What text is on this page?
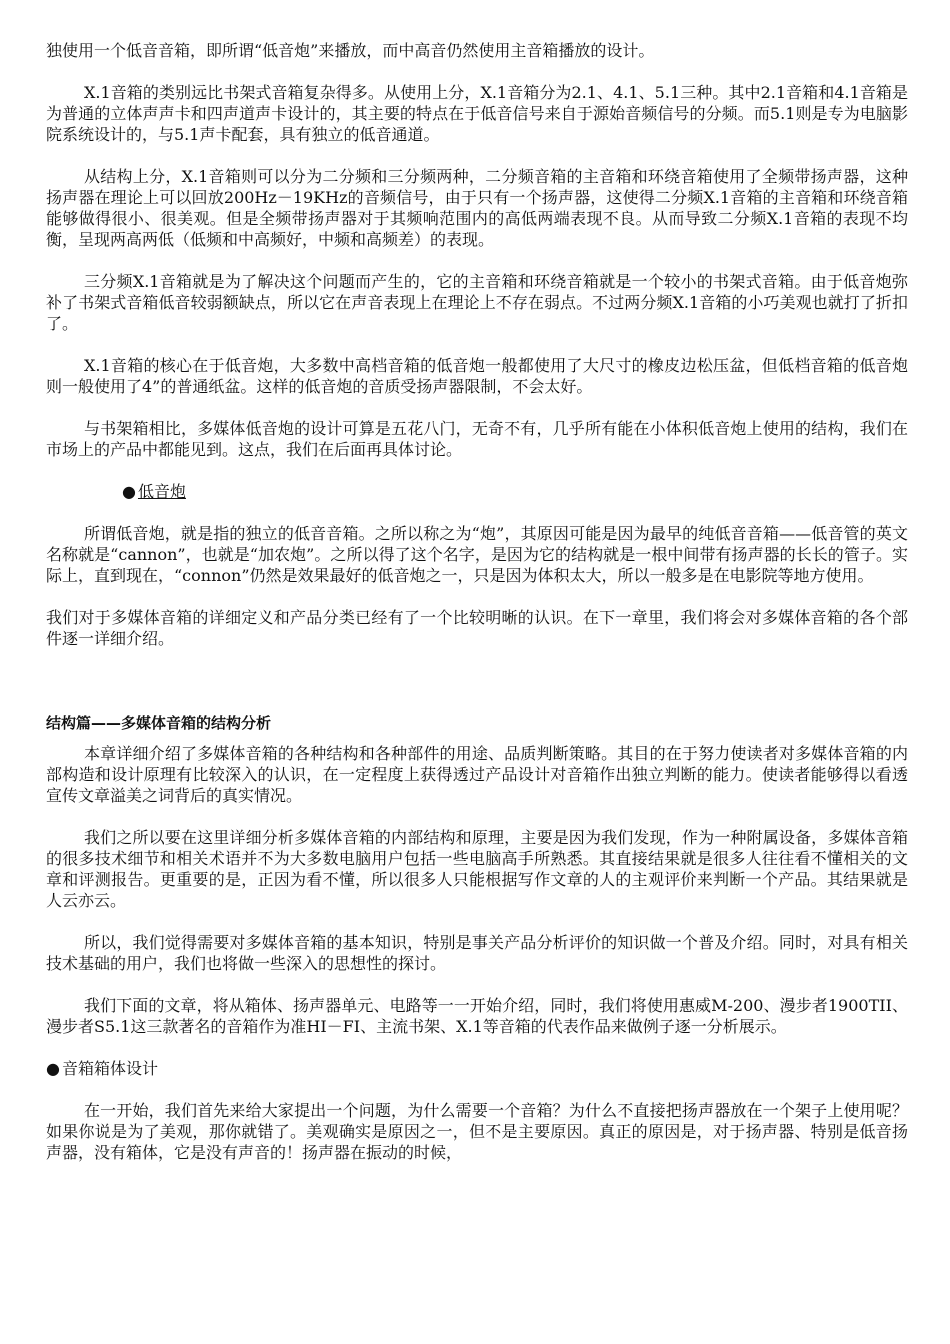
独使用一个低音音箱，即所谓“低音炮”来播放，而中高音仍然使用主音箱播放的设计。

X.1音箱的类别远比书架式音箱复杂得多。从使用上分，X.1音箱分为2.1、4.1、5.1三种。其中2.1音箱和4.1音箱是为普通的立体声声卡和四声道声卡设计的，其主要的特点在于低音信号来自于源始音频信号的分频。而5.1则是专为电脑影院系统设计的，与5.1声卡配套，具有独立的低音通道。

从结构上分，X.1音箱则可以分为二分频和三分频两种，二分频音箱的主音箱和环绕音箱使用了全频带扬声器，这种扬声器在理论上可以回放200Hz－19KHz的音频信号，由于只有一个扬声器，这使得二分频X.1音箱的主音箱和环绕音箱能够做得很小、很美观。但是全频带扬声器对于其频响范围内的高低两端表现不良。从而导致二分频X.1音箱的表现不均衡，呈现两高两低（低频和中高频好，中频和高频差）的表现。

三分频X.1音箱就是为了解决这个问题而产生的，它的主音箱和环绕音箱就是一个较小的书架式音箱。由于低音炮弥补了书架式音箱低音较弱额缺点，所以它在声音表现上在理论上不存在弱点。不过两分频X.1音箱的小巧美观也就打了折扣了。

X.1音箱的核心在于低音炮，大多数中高档音箱的低音炮一般都使用了大尺寸的橡皮边松压盆，但低档音箱的低音炮则一般使用了4”的普通纸盆。这样的低音炮的音质受扬声器限制，不会太好。

与书架箱相比，多媒体低音炮的设计可算是五花八门，无奇不有，几乎所有能在小体积低音炮上使用的结构，我们在市场上的产品中都能见到。这点，我们在后面再具体讨论。

● 低音炮

所谓低音炮，就是指的独立的低音音箱。之所以称之为“炮”，其原因可能是因为最早的纯低音音箱——低音管的英文名称就是“cannon”，也就是“加农炮”。之所以得了这个名字，是因为它的结构就是一根中间带有扬声器的长长的管子。实际上，直到现在，“connon”仍然是效果最好的低音炮之一，只是因为体积太大，所以一般多是在电影院等地方使用。

我们对于多媒体音箱的详细定义和产品分类已经有了一个比较明晰的认识。在下一章里，我们将会对多媒体音箱的各个部件逐一详细介绍。

结构篇——多媒体音箱的结构分析

本章详细介绍了多媒体音箱的各种结构和各种部件的用途、品质判断策略。其目的在于努力使读者对多媒体音箱的内部构造和设计原理有比较深入的认识，在一定程度上获得透过产品设计对音箱作出独立判断的能力。使读者能够得以看透宣传文章溢美之词背后的真实情况。

我们之所以要在这里详细分析多媒体音箱的内部结构和原理，主要是因为我们发现，作为一种附属设备，多媒体音箱的很多技术细节和相关术语并不为大多数电脑用户包括一些电脑高手所熟悉。其直接结果就是很多人往往看不懂相关的文章和评测报告。更重要的是，正因为看不懂，所以很多人只能根据写作文章的人的主观评价来判断一个产品。其结果就是人云亦云。

所以，我们觉得需要对多媒体音箱的基本知识，特别是事关产品分析评价的知识做一个普及介绍。同时，对具有相关技术基础的用户，我们也将做一些深入的思想性的探讨。

我们下面的文章，将从箱体、扬声器单元、电路等一一开始介绍，同时，我们将使用惠威M-200、漫步者1900TII、漫步者S5.1这三款著名的音箱作为准HI－FI、主流书架、X.1等音箱的代表作品来做例子逐一分析展示。

● 音箱箱体设计

在一开始，我们首先来给大家提出一个问题，为什么需要一个音箱？为什么不直接把扬声器放在一个架子上使用呢？如果你说是为了美观，那你就错了。美观确实是原因之一，但不是主要原因。真正的原因是，对于扬声器、特别是低音扬声器，没有箱体，它是没有声音的！扬声器在振动的时候，
